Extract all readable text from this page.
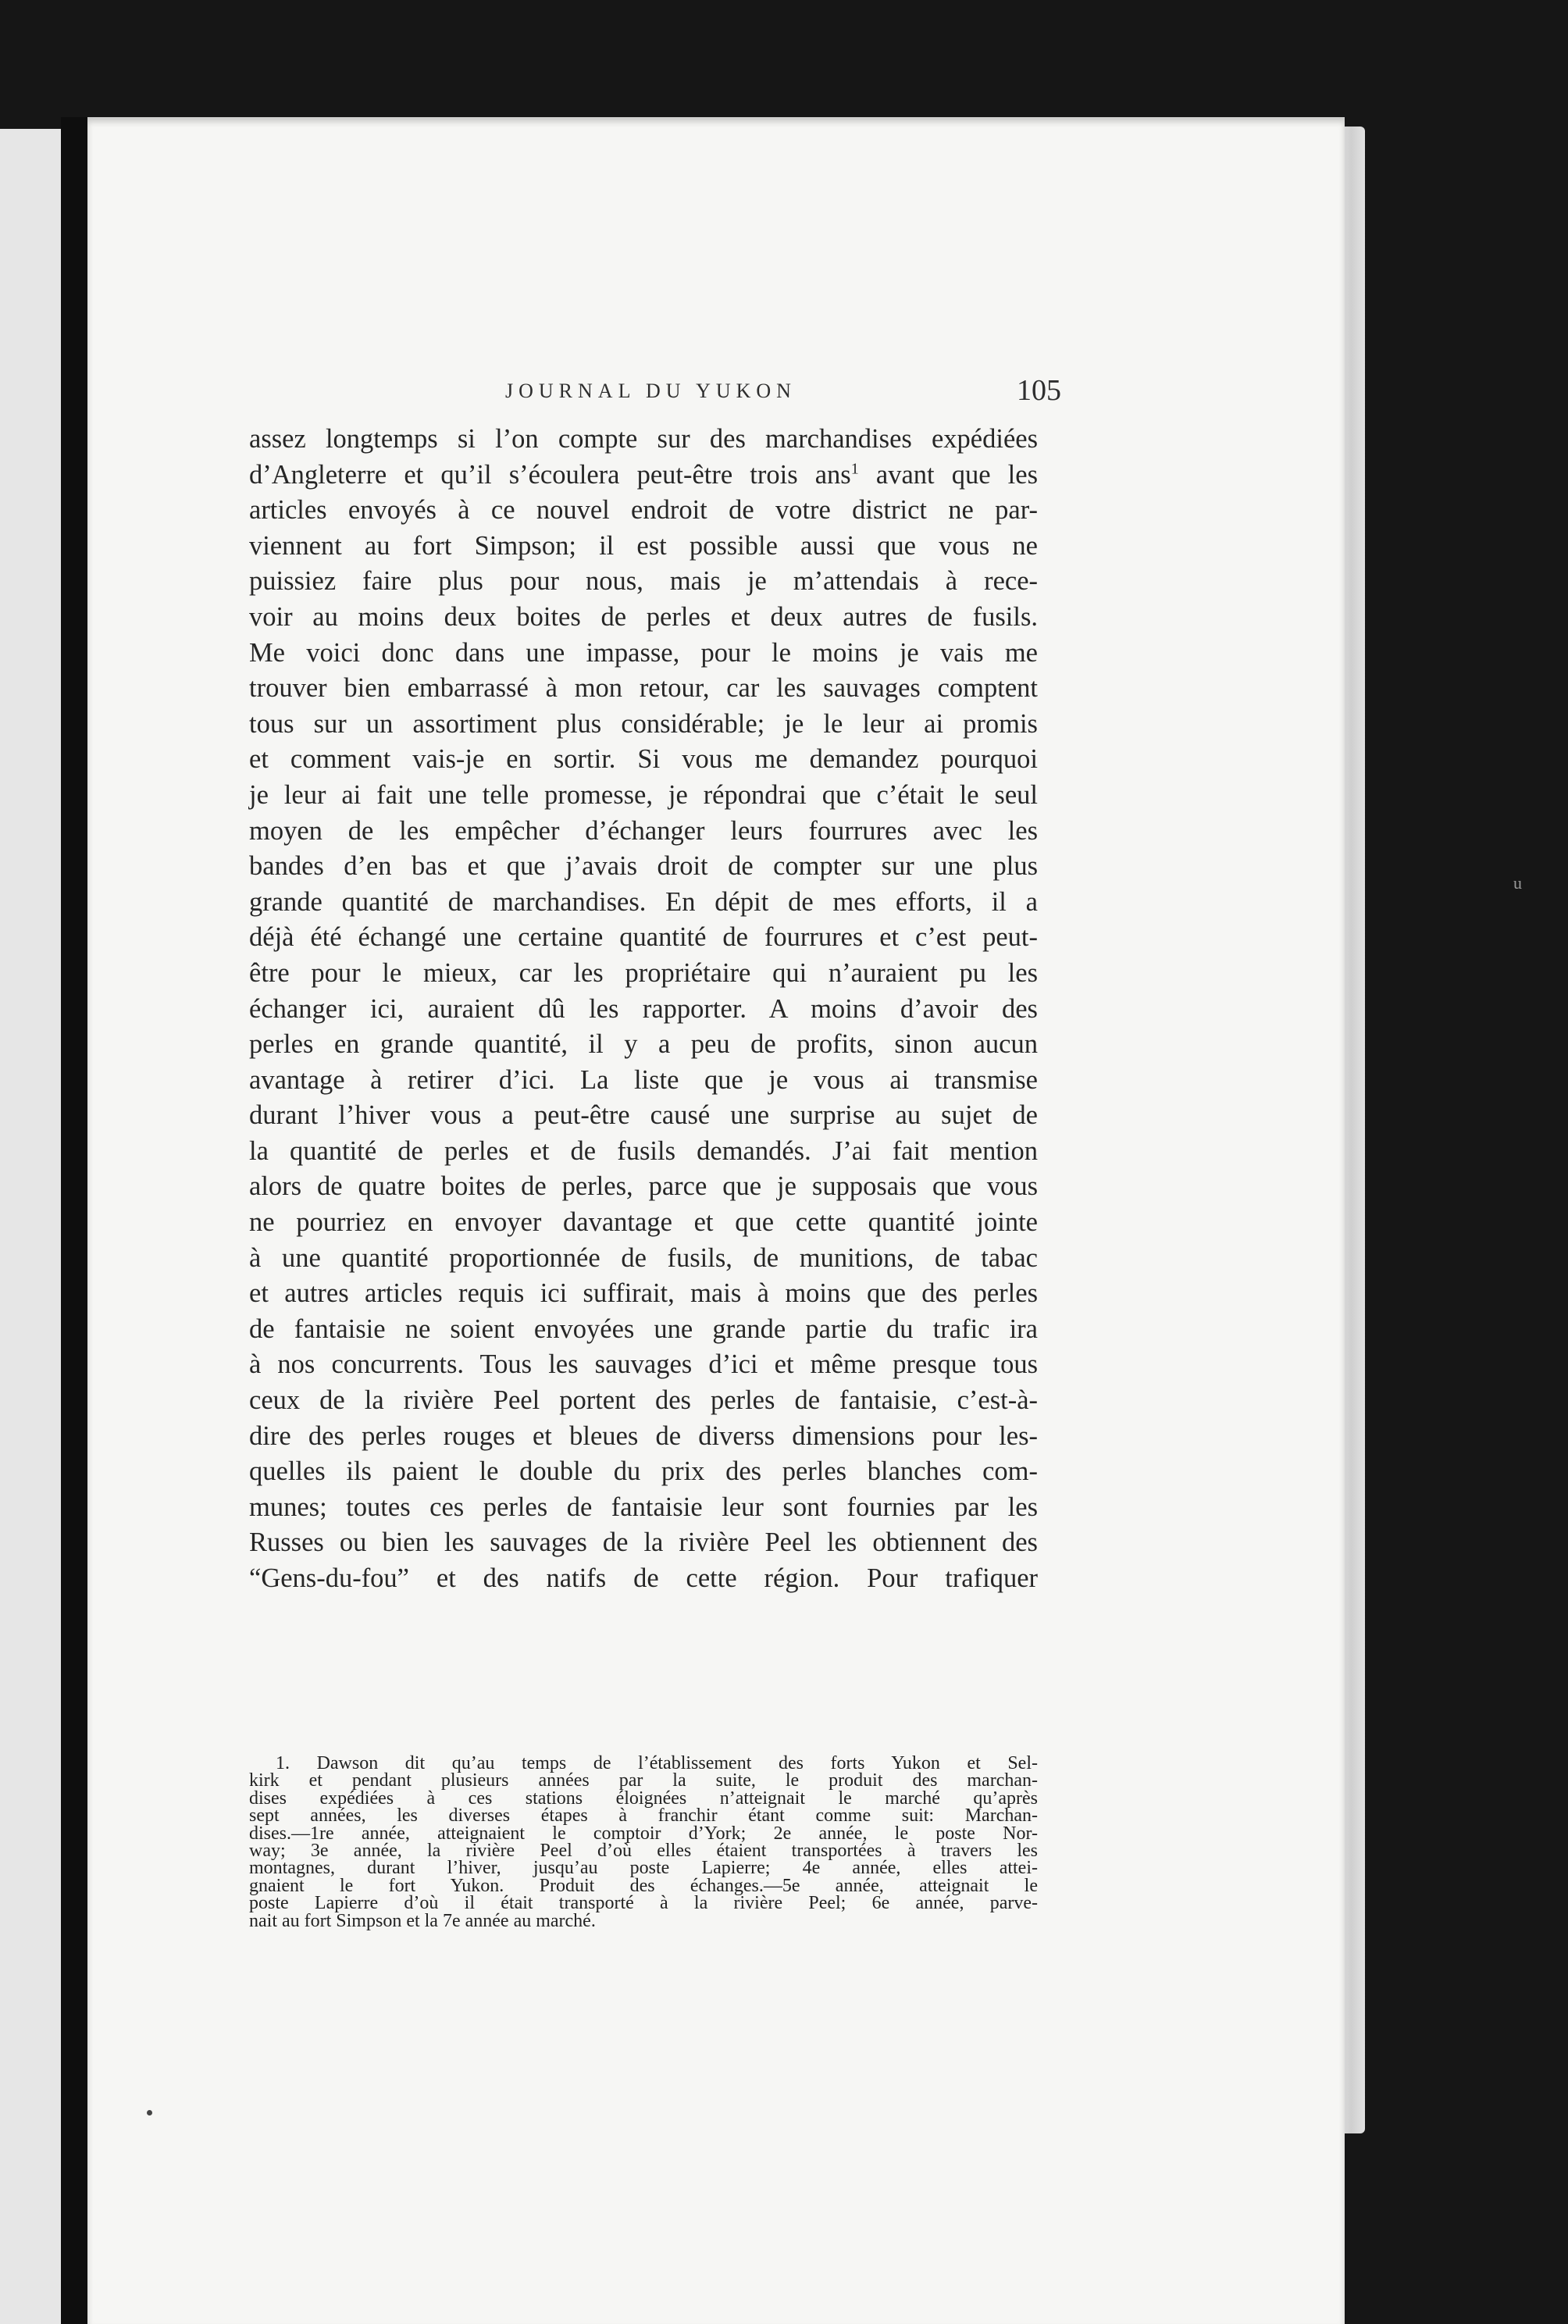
JOURNAL DU YUKON	105
assez longtemps si l’on compte sur des marchandises expédiées
d’Angleterre et qu’il s’écoulera peut-être trois ans$^1$ avant que les
articles envoyés à ce nouvel endroit de votre district ne par-
viennent au fort Simpson; il est possible aussi que vous ne
puissiez faire plus pour nous, mais je m’attendais à rece-
voir au moins deux boites de perles et deux autres de fusils.
Me voici donc dans une impasse, pour le moins je vais me
trouver bien embarrassé à mon retour, car les sauvages comptent
tous sur un assortiment plus considérable; je le leur ai promis
et comment vais-je en sortir. Si vous me demandez pourquoi
je leur ai fait une telle promesse, je répondrai que c’était le seul
moyen de les empêcher d’échanger leurs fourrures avec les
bandes d’en bas et que j’avais droit de compter sur une plus
grande quantité de marchandises. En dépit de mes efforts, il a
déjà été échangé une certaine quantité de fourrures et c’est peut-
être pour le mieux, car les propriétaire qui n’auraient pu les
échanger ici, auraient dû les rapporter. A moins d’avoir des
perles en grande quantité, il y a peu de profits, sinon aucun
avantage à retirer d’ici. La liste que je vous ai transmise
durant l’hiver vous a peut-être causé une surprise au sujet de
la quantité de perles et de fusils demandés. J’ai fait mention
alors de quatre boites de perles, parce que je supposais que vous
ne pourriez en envoyer davantage et que cette quantité jointe
à une quantité proportionnée de fusils, de munitions, de tabac
et autres articles requis ici suffirait, mais à moins que des perles
de fantaisie ne soient envoyées une grande partie du trafic ira
à nos concurrents. Tous les sauvages d’ici et même presque tous
ceux de la rivière Peel portent des perles de fantaisie, c’est-à-
dire des perles rouges et bleues de diverss dimensions pour les-
quelles ils paient le double du prix des perles blanches com-
munes; toutes ces perles de fantaisie leur sont fournies par les
Russes ou bien les sauvages de la rivière Peel les obtiennent des
“Gens-du-fou” et des natifs de cette région. Pour trafiquer
1. Dawson dit qu’au temps de l’établissement des forts Yukon et Sel-
kirk et pendant plusieurs années par la suite, le produit des marchan-
dises expédiées à ces stations éloignées n’atteignait le marché qu’après
sept années, les diverses étapes à franchir étant comme suit: Marchan-
dises.—1re année, atteignaient le comptoir d’York; 2e année, le poste Nor-
way; 3e année, la rivière Peel d’où elles étaient transportées à travers les
montagnes, durant l’hiver, jusqu’au poste Lapierre; 4e année, elles attei-
gnaient le fort Yukon. Produit des échanges.—5e année, atteignait le
poste Lapierre d’où il était transporté à la rivière Peel; 6e année, parve-
nait au fort Simpson et la 7e année au marché.
u
